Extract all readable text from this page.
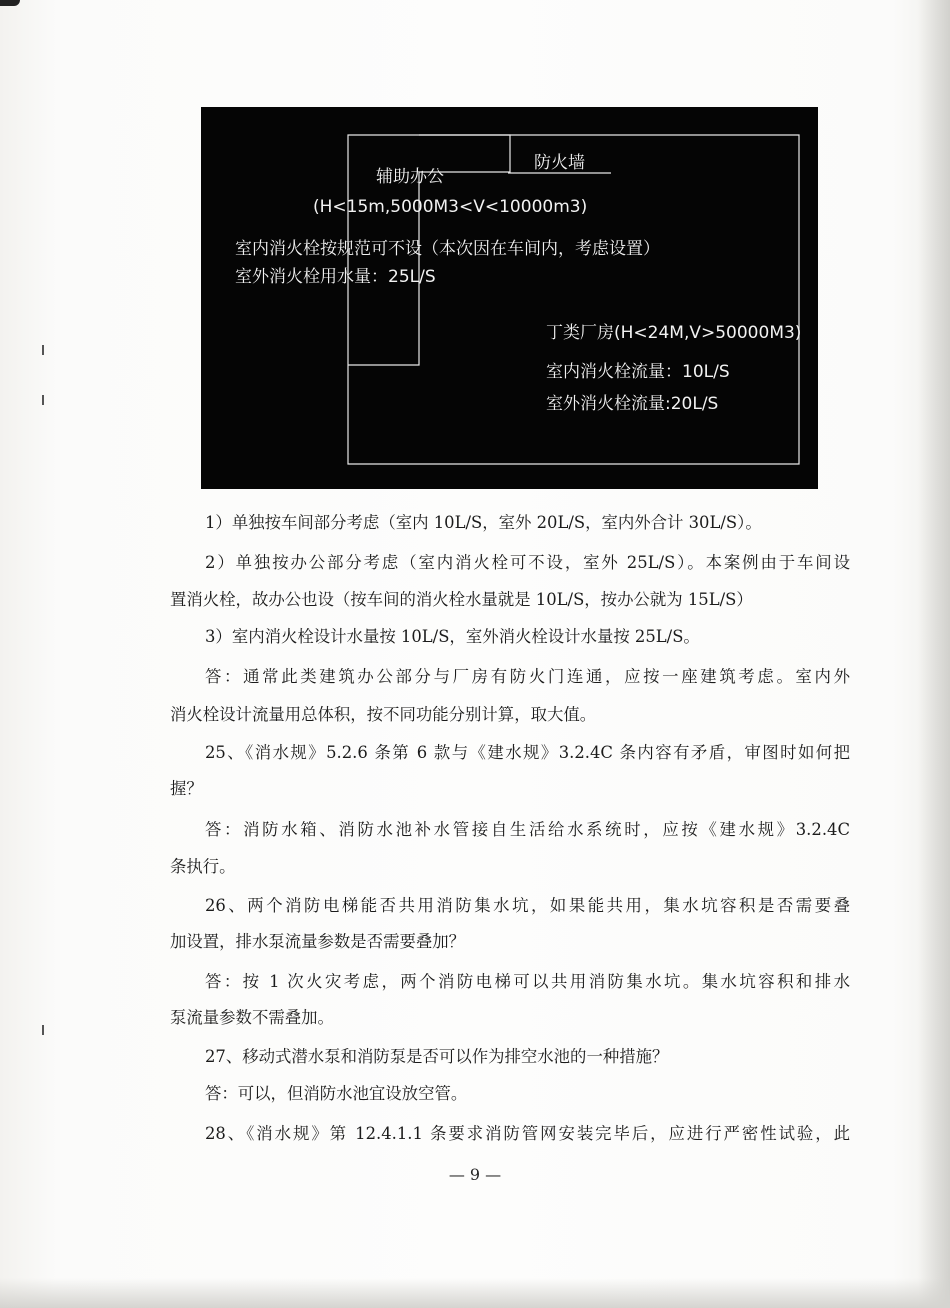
辅助办公
(H<15m,5000M3<V<10000m3)
防火墙
室内消火栓按规范可不设（本次因在车间内，考虑设置）
室外消火栓用水量：25L/S
丁类厂房(H<24M,V>50000M3)
室内消火栓流量：10L/S
室外消火栓流量:20L/S
1）单独按车间部分考虑（室内 10L/S，室外 20L/S，室内外合计 30L/S）。
2）单独按办公部分考虑（室内消火栓可不设，室外 25L/S）。本案例由于车间设
置消火栓，故办公也设（按车间的消火栓水量就是 10L/S，按办公就为 15L/S）
3）室内消火栓设计水量按 10L/S，室外消火栓设计水量按 25L/S。
答：通常此类建筑办公部分与厂房有防火门连通，应按一座建筑考虑。室内外
消火栓设计流量用总体积，按不同功能分别计算，取大值。
25、《消水规》5.2.6 条第 6 款与《建水规》3.2.4C 条内容有矛盾，审图时如何把
握？
答：消防水箱、消防水池补水管接自生活给水系统时，应按《建水规》3.2.4C
条执行。
26、两个消防电梯能否共用消防集水坑，如果能共用，集水坑容积是否需要叠
加设置，排水泵流量参数是否需要叠加？
答：按 1 次火灾考虑，两个消防电梯可以共用消防集水坑。集水坑容积和排水
泵流量参数不需叠加。
27、移动式潜水泵和消防泵是否可以作为排空水池的一种措施？
答：可以，但消防水池宜设放空管。
28、《消水规》第 12.4.1.1 条要求消防管网安装完毕后，应进行严密性试验，此
— 9 —
